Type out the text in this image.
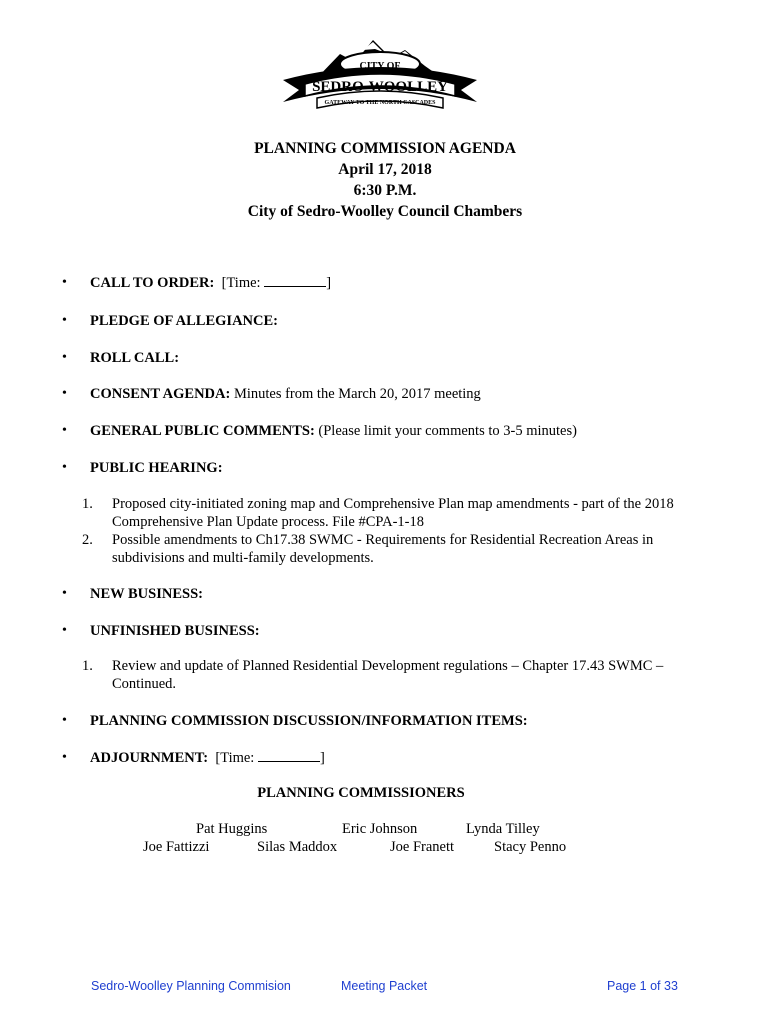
CITY OF
SEDRO-WOOLLEY
GATEWAY TO THE NORTH CASCADES
PLANNING COMMISSION AGENDA
April 17, 2018
6:30 P.M.
City of Sedro-Woolley Council Chambers
• CALL TO ORDER: [Time:	]
• PLEDGE OF ALLEGIANCE:
• ROLL CALL:
• CONSENT AGENDA: Minutes from the March 20, 2017 meeting
• GENERAL PUBLIC COMMENTS: (Please limit your comments to 3-5 minutes)
• PUBLIC HEARING:
• NEW BUSINESS:
• UNFINISHED BUSINESS:
• PLANNING COMMISSION DISCUSSION/INFORMATION ITEMS:
• ADJOURNMENT: [Time:	]
1. Proposed city-initiated zoning map and Comprehensive Plan map amendments - part of the 2018 Comprehensive Plan Update process. File #CPA-1-18
2. Possible amendments to Ch17.38 SWMC - Requirements for Residential Recreation Areas in subdivisions and multi-family developments.
1. Review and update of Planned Residential Development regulations – Chapter 17.43 SWMC – Continued.
PLANNING COMMISSIONERS
Pat Huggins	Eric Johnson	Lynda Tilley
Joe Fattizzi	Silas Maddox	Joe Franett	Stacy Penno
Sedro-Woolley Planning Commision	Meeting Packet	Page 1 of 33
